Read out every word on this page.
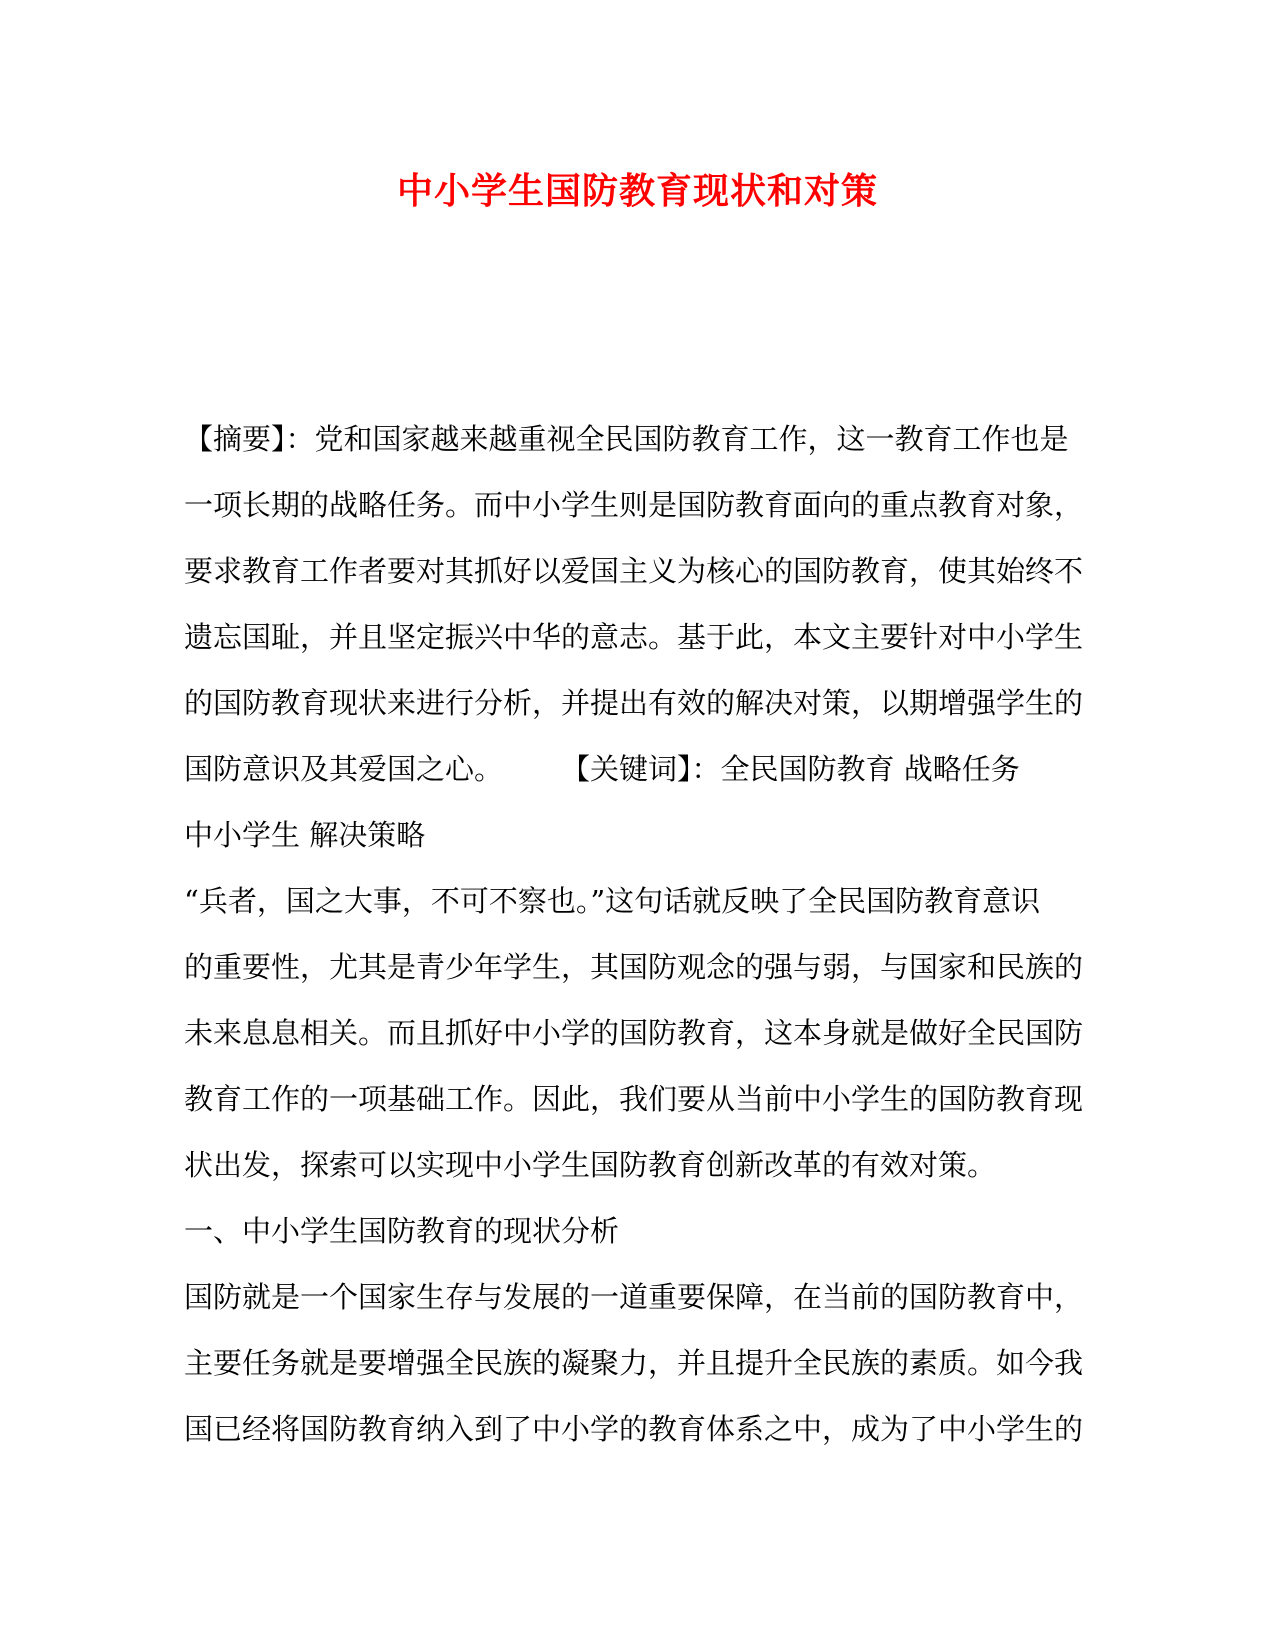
中小学生国防教育现状和对策
【摘要】：党和国家越来越重视全民国防教育工作，这一教育工作也是
一项长期的战略任务。而中小学生则是国防教育面向的重点教育对象，
要求教育工作者要对其抓好以爱国主义为核心的国防教育，使其始终不
遗忘国耻，并且坚定振兴中华的意志。基于此，本文主要针对中小学生
的国防教育现状来进行分析，并提出有效的解决对策，以期增强学生的
国防意识及其爱国之心。　　　【关键词】：全民国防教育 战略任务
中小学生 解决策略
“兵者，国之大事，不可不察也。”这句话就反映了全民国防教育意识
的重要性，尤其是青少年学生，其国防观念的强与弱，与国家和民族的
未来息息相关。而且抓好中小学的国防教育，这本身就是做好全民国防
教育工作的一项基础工作。因此，我们要从当前中小学生的国防教育现
状出发，探索可以实现中小学生国防教育创新改革的有效对策。
一、中小学生国防教育的现状分析
国防就是一个国家生存与发展的一道重要保障，在当前的国防教育中，
主要任务就是要增强全民族的凝聚力，并且提升全民族的素质。如今我
国已经将国防教育纳入到了中小学的教育体系之中，成为了中小学生的
